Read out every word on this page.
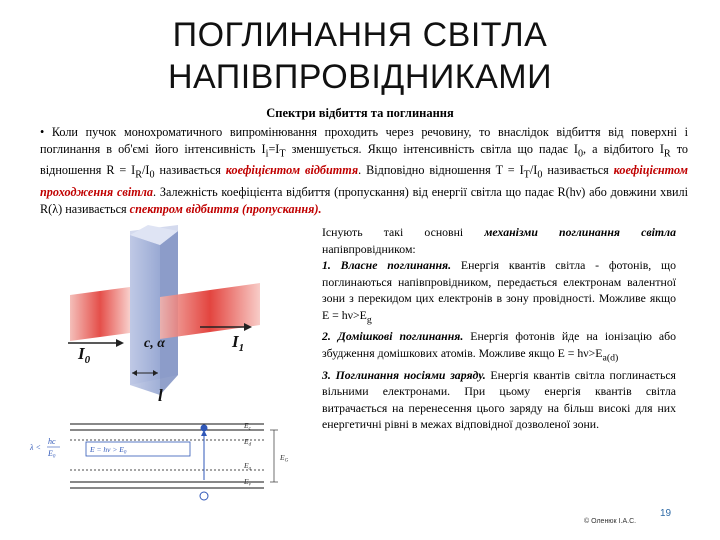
ПОГЛИНАННЯ СВІТЛА
НАПІВПРОВІДНИКАМИ
Спектри відбиття та поглинання
• Коли пучок монохроматичного випромінювання проходить через речовину, то внаслідок відбиття від поверхні і поглинання в об'ємі його інтенсивність $I_i=I_T$ зменшується. Якщо інтенсивність світла що падає $I_0$, а відбитого $I_R$ то відношення $R = I_R/I_0$ називається коефіцієнтом відбиття. Відповідно відношення $T = I_T/I_0$ називається коефіцієнтом проходження світла. Залежність коефіцієнта відбиття (пропускання) від енергії світла що падає R(hν) або довжини хвилі R(λ) називається спектром відбиття (пропускання).
$I_0$
$I_1$
c, α
l
λ <
hc
E0
$E = h\nu > E_0$
$E_c$
$E_d$
$E_a$
$E_v$
$E_G$

Існують такі основні механізми поглинання світла напівпровідником:

1. Власне поглинання. Енергія квантів світла - фотонів, що поглинаються напівпровідником, передається електронам валентної зони з перекидом цих електронів в зону провідності. Можливе якщо $E = h\nu>E_g$

2. Домішкові поглинання. Енергія фотонів йде на іонізацію або збудження домішкових атомів. Можливе якщо $E = h\nu>E_{a(d)}$

3. Поглинання носіями заряду. Енергія квантів світла поглинається вільними електронами. При цьому енергія квантів світла витрачається на перенесення цього заряду на більш високі для них енергетичні рівні в межах відповідної дозволеної зони.

19
© Оленюк І.А.С.
